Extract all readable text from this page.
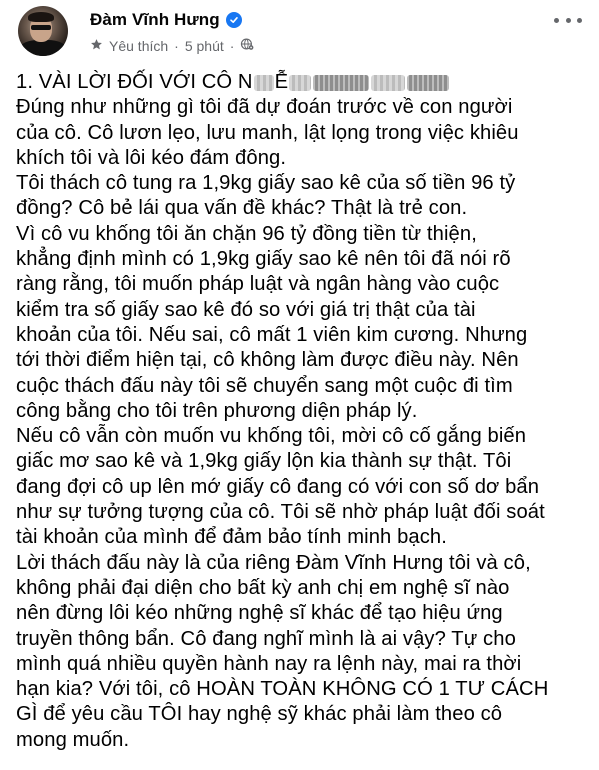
Đàm Vĩnh Hưng
Yêu thích · 5 phút ·
1. VÀI LỜI ĐỐI VỚI CÔ N Ễ
Đúng như những gì tôi đã dự đoán trước về con người
của cô. Cô lươn lẹo, lưu manh, lật lọng trong việc khiêu
khích tôi và lôi kéo đám đông.
Tôi thách cô tung ra 1,9kg giấy sao kê của số tiền 96 tỷ
đồng? Cô bẻ lái qua vấn đề khác? Thật là trẻ con.
Vì cô vu khống tôi ăn chặn 96 tỷ đồng tiền từ thiện,
khẳng định mình có 1,9kg giấy sao kê nên tôi đã nói rõ
ràng rằng, tôi muốn pháp luật và ngân hàng vào cuộc
kiểm tra số giấy sao kê đó so với giá trị thật của tài
khoản của tôi. Nếu sai, cô mất 1 viên kim cương. Nhưng
tới thời điểm hiện tại, cô không làm được điều này. Nên
cuộc thách đấu này tôi sẽ chuyển sang một cuộc đi tìm
công bằng cho tôi trên phương diện pháp lý.
Nếu cô vẫn còn muốn vu khống tôi, mời cô cố gắng biến
giấc mơ sao kê và 1,9kg giấy lộn kia thành sự thật. Tôi
đang đợi cô up lên mớ giấy cô đang có với con số dơ bẩn
như sự tưởng tượng của cô. Tôi sẽ nhờ pháp luật đối soát
tài khoản của mình để đảm bảo tính minh bạch.
Lời thách đấu này là của riêng Đàm Vĩnh Hưng tôi và cô,
không phải đại diện cho bất kỳ anh chị em nghệ sĩ nào
nên đừng lôi kéo những nghệ sĩ khác để tạo hiệu ứng
truyền thông bẩn. Cô đang nghĩ mình là ai vậy? Tự cho
mình quá nhiều quyền hành nay ra lệnh này, mai ra thời
hạn kia? Với tôi, cô HOÀN TOÀN KHÔNG CÓ 1 TƯ CÁCH
GÌ để yêu cầu TÔI hay nghệ sỹ khác phải làm theo cô
mong muốn.
